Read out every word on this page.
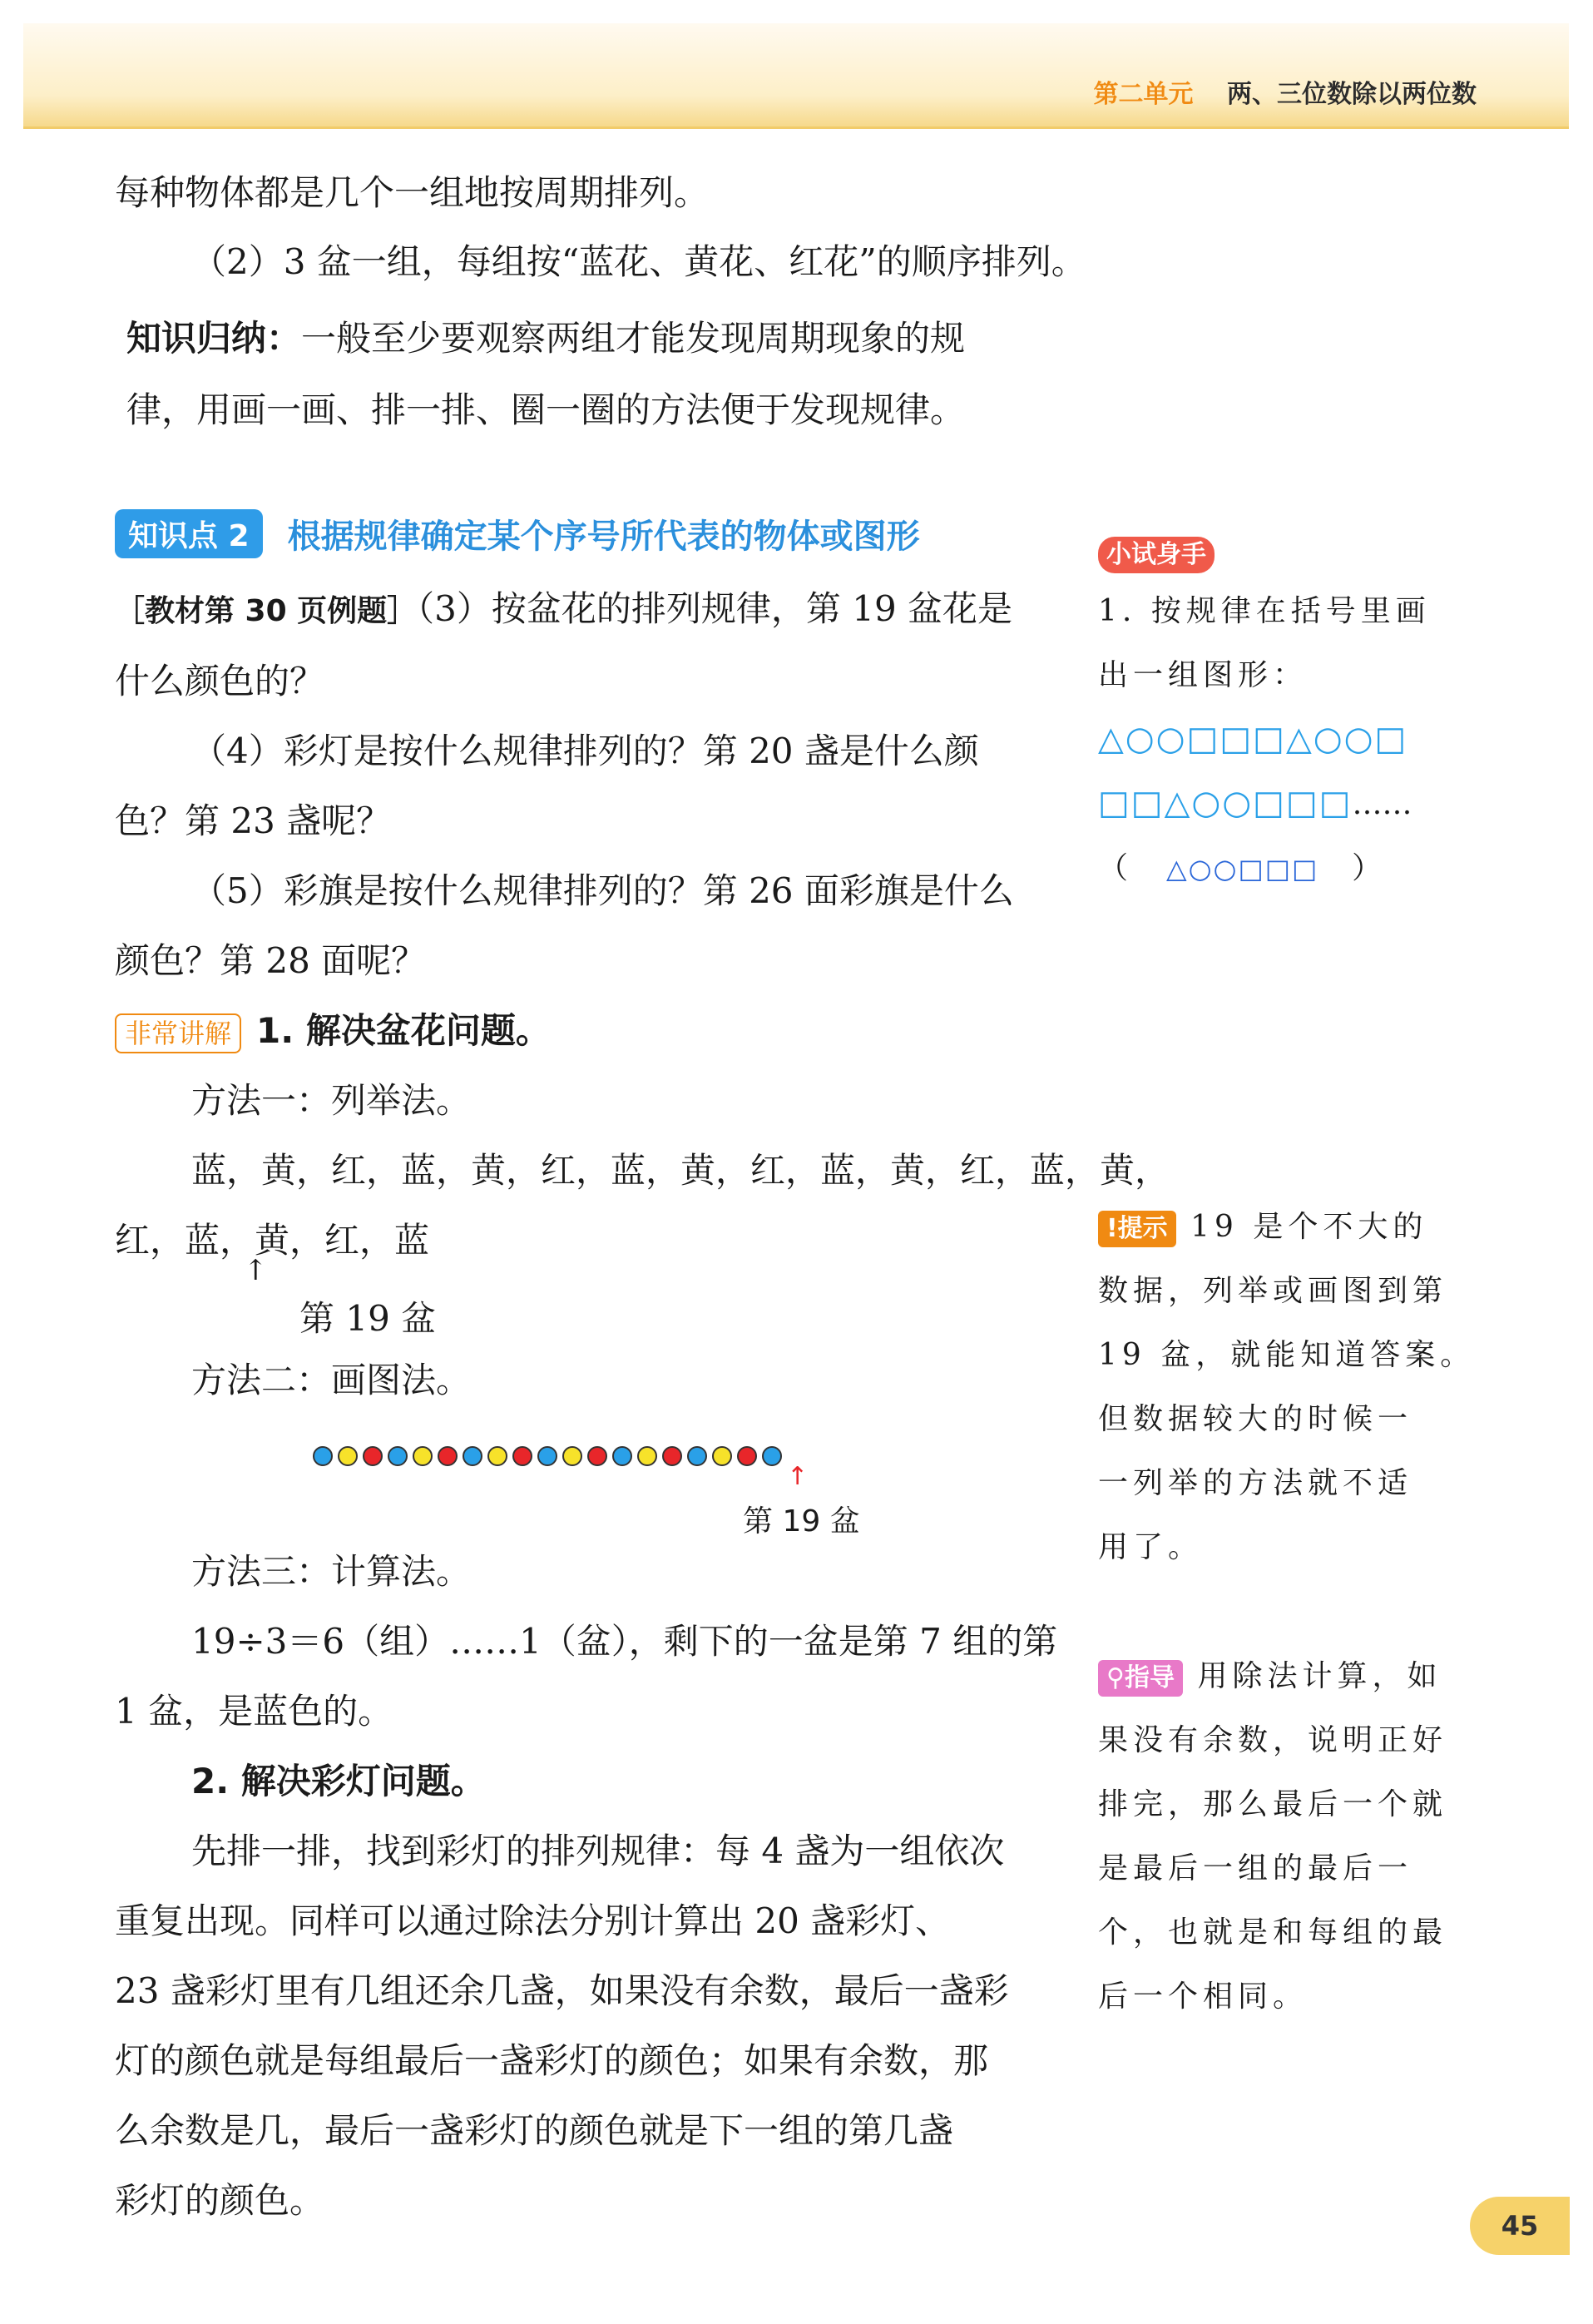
第二单元 两、三位数除以两位数

每种物体都是几个一组地按周期排列。

（2）3 盆一组，每组按“蓝花、黄花、红花”的顺序排列。

知识归纳：一般至少要观察两组才能发现周期现象的规

律，用画一画、排一排、圈一圈的方法便于发现规律。

知识点 2	根据规律确定某个序号所代表的物体或图形

［教材第 30 页例题］（3）按盆花的排列规律，第 19 盆花是

什么颜色的？

（4）彩灯是按什么规律排列的？第 20 盏是什么颜

色？第 23 盏呢？

（5）彩旗是按什么规律排列的？第 26 面彩旗是什么

颜色？第 28 面呢？

非常讲解 1. 解决盆花问题。

方法一：列举法。

蓝，黄，红，蓝，黄，红，蓝，黄，红，蓝，黄，红，蓝，黄，

红，蓝，黄，红，蓝

↑
第 19 盆

方法二：画图法。

方法三：计算法。

19÷3＝6（组）……1（盆），剩下的一盆是第 7 组的第

1 盆，是蓝色的。

2. 解决彩灯问题。

先排一排，找到彩灯的排列规律：每 4 盏为一组依次

重复出现。同样可以通过除法分别计算出 20 盏彩灯、

23 盏彩灯里有几组还余几盏，如果没有余数，最后一盏彩

灯的颜色就是每组最后一盏彩灯的颜色；如果有余数，那

么余数是几，最后一盏彩灯的颜色就是下一组的第几盏

彩灯的颜色。

↑
第 19 盆
小试身手

1. 按规律在括号里画

出一组图形：

△○○□□□△○○□

□□△○○□□□……

（ △○○□□□ ）

!提示 19 是个不大的

数据，列举或画图到第

19 盆，就能知道答案。

但数据较大的时候一

一列举的方法就不适

用了。

⚲指导 用除法计算，如

果没有余数，说明正好

排完，那么最后一个就

是最后一组的最后一

个，也就是和每组的最

后一个相同。

45
